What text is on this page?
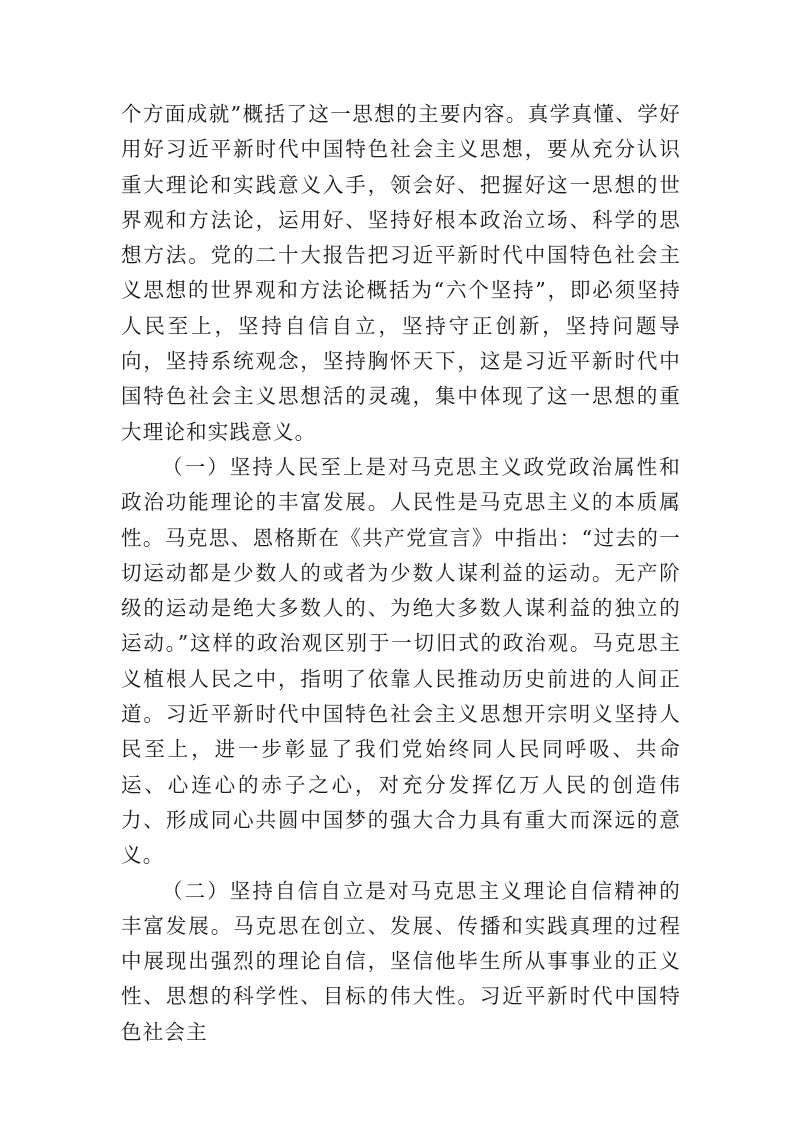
个方面成就”概括了这一思想的主要内容。真学真懂、学好用好习近平新时代中国特色社会主义思想，要从充分认识重大理论和实践意义入手，领会好、把握好这一思想的世界观和方法论，运用好、坚持好根本政治立场、科学的思想方法。党的二十大报告把习近平新时代中国特色社会主义思想的世界观和方法论概括为“六个坚持”，即必须坚持人民至上，坚持自信自立，坚持守正创新，坚持问题导向，坚持系统观念，坚持胸怀天下，这是习近平新时代中国特色社会主义思想活的灵魂，集中体现了这一思想的重大理论和实践意义。

（一）坚持人民至上是对马克思主义政党政治属性和政治功能理论的丰富发展。人民性是马克思主义的本质属性。马克思、恩格斯在《共产党宣言》中指出：“过去的一切运动都是少数人的或者为少数人谋利益的运动。无产阶级的运动是绝大多数人的、为绝大多数人谋利益的独立的运动。”这样的政治观区别于一切旧式的政治观。马克思主义植根人民之中，指明了依靠人民推动历史前进的人间正道。习近平新时代中国特色社会主义思想开宗明义坚持人民至上，进一步彰显了我们党始终同人民同呼吸、共命运、心连心的赤子之心，对充分发挥亿万人民的创造伟力、形成同心共圆中国梦的强大合力具有重大而深远的意义。

（二）坚持自信自立是对马克思主义理论自信精神的丰富发展。马克思在创立、发展、传播和实践真理的过程中展现出强烈的理论自信，坚信他毕生所从事事业的正义性、思想的科学性、目标的伟大性。习近平新时代中国特色社会主
